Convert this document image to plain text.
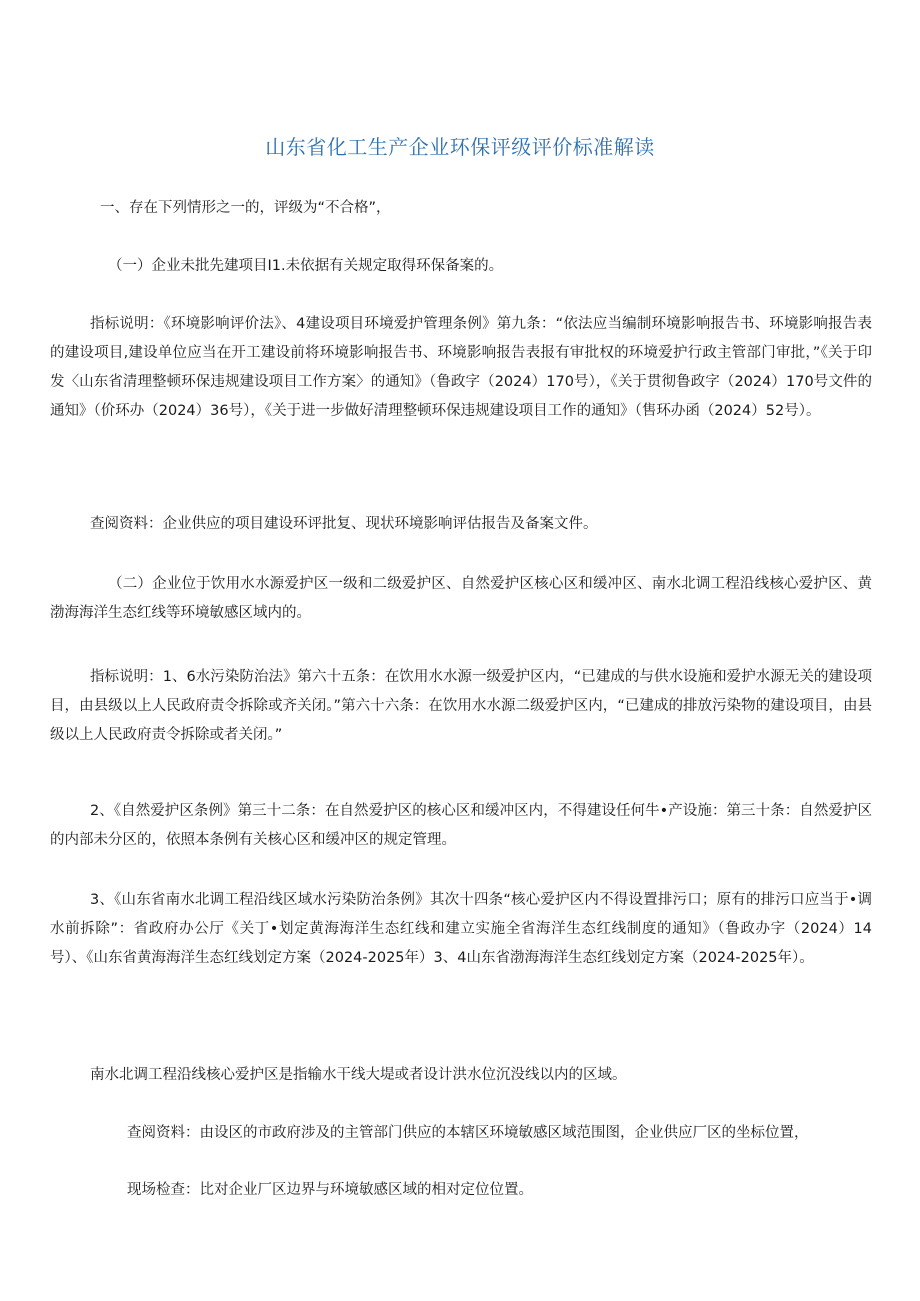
山东省化工生产企业环保评级评价标准解读

一、存在下列情形之一的，评级为“不合格”，

（一）企业未批先建项目I1.未依据有关规定取得环保备案的。

指标说明：《环境影响评价法》、4建设项目环境爱护管理条例》第九条：“依法应当编制环境影响报告书、环境影响报告表的建设项目,建设单位应当在开工建设前将环境影响报告书、环境影响报告表报有审批权的环境爱护行政主管部门审批，”《关于印发〈山东省清理整顿环保违规建设项目工作方案〉的通知》（鲁政字（2024）170号），《关于贯彻鲁政字（2024）170号文件的通知》（价环办（2024）36号），《关于进一步做好清理整顿环保违规建设项目工作的通知》（售环办函（2024）52号）。

查阅资料：企业供应的项目建设环评批复、现状环境影响评估报告及备案文件。

（二）企业位于饮用水水源爱护区一级和二级爱护区、自然爱护区核心区和缓冲区、南水北调工程沿线核心爱护区、黄渤海海洋生态红线等环境敏感区域内的。

指标说明：1、6水污染防治法》第六十五条：在饮用水水源一级爱护区内，“已建成的与供水设施和爱护水源无关的建设项目，由县级以上人民政府责令拆除或齐关闭。”第六十六条：在饮用水水源二级爱护区内，“已建成的排放污染物的建设项目，由县级以上人民政府责令拆除或者关闭。”

2、《自然爱护区条例》第三十二条：在自然爱护区的核心区和缓冲区内，不得建设任何牛•产设施：第三十条：自然爱护区的内部未分区的，依照本条例有关核心区和缓冲区的规定管理。

3、《山东省南水北调工程沿线区域水污染防治条例》其次十四条“核心爱护区内不得设置排污口；原有的排污口应当于•调水前拆除”：省政府办公厅《关丁•划定黄海海洋生态红线和建立实施全省海洋生态红线制度的通知》（鲁政办字（2024）14号）、《山东省黄海海洋生态红线划定方案（2024-2025年）3、4山东省渤海海洋生态红线划定方案（2024-2025年）。

南水北调工程沿线核心爱护区是指输水干线大堤或者设计洪水位沉没线以内的区域。

查阅资料：由设区的市政府涉及的主管部门供应的本辖区环境敏感区域范围图，企业供应厂区的坐标位置，

现场检查：比对企业厂区边界与环境敏感区域的相对定位位置。
